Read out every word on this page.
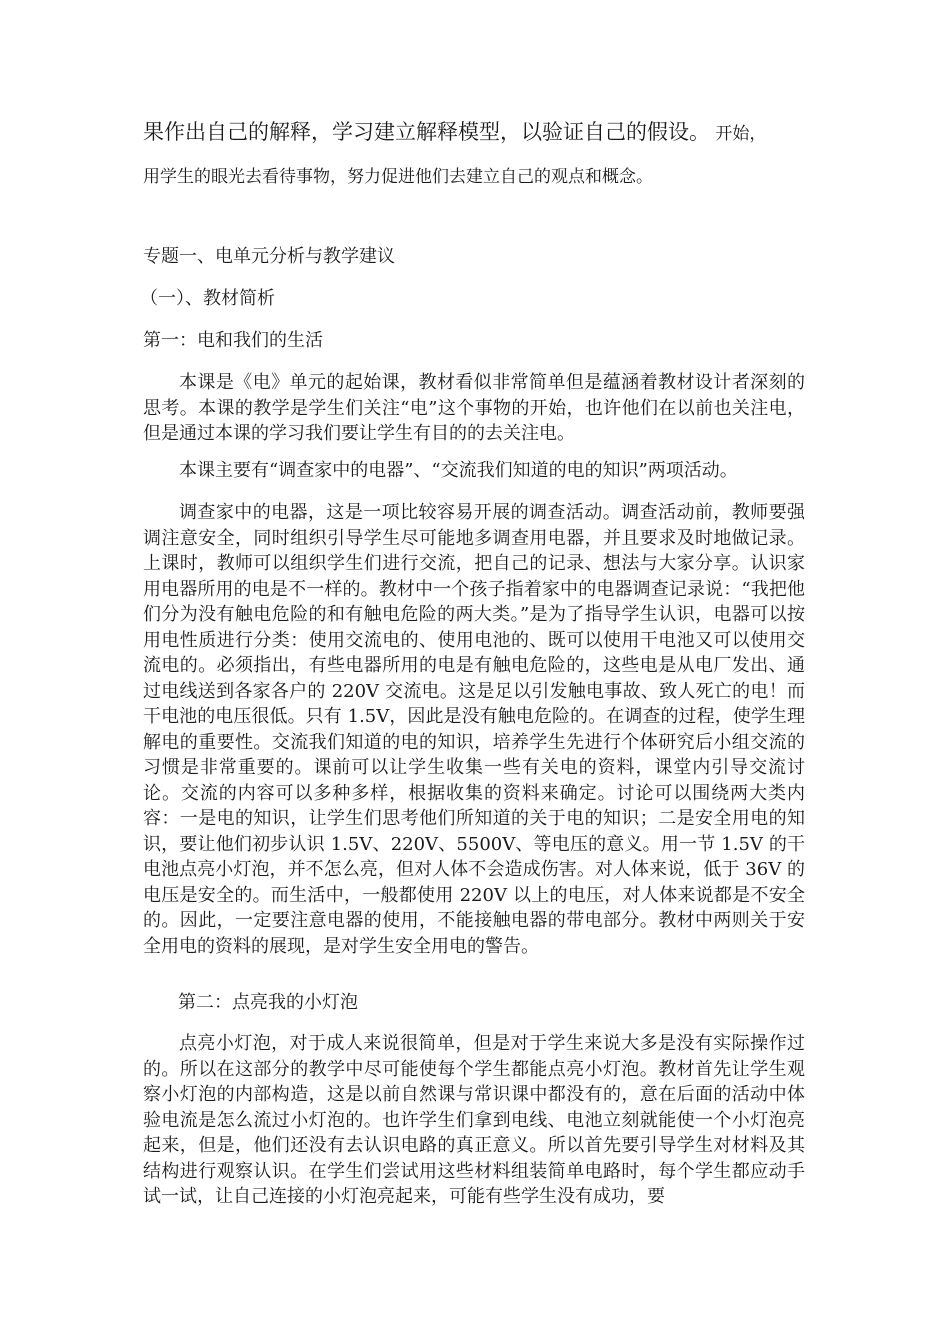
果作出自己的解释，学习建立解释模型，以验证自己的假设。 开始，
用学生的眼光去看待事物，努力促进他们去建立自己的观点和概念。
专题一、电单元分析与教学建议
（一）、教材简析
第一：电和我们的生活

本课是《电》单元的起始课，教材看似非常简单但是蕴涵着教材设计者深刻的思考。本课的教学是学生们关注“电”这个事物的开始，也许他们在以前也关注电，但是通过本课的学习我们要让学生有目的的去关注电。

本课主要有“调查家中的电器”、“交流我们知道的电的知识”两项活动。

调查家中的电器，这是一项比较容易开展的调查活动。调查活动前，教师要强调注意安全，同时组织引导学生尽可能地多调查用电器，并且要求及时地做记录。上课时，教师可以组织学生们进行交流，把自己的记录、想法与大家分享。认识家用电器所用的电是不一样的。教材中一个孩子指着家中的电器调查记录说：“我把他们分为没有触电危险的和有触电危险的两大类。”是为了指导学生认识，电器可以按用电性质进行分类：使用交流电的、使用电池的、既可以使用干电池又可以使用交流电的。必须指出，有些电器所用的电是有触电危险的，这些电是从电厂发出、通过电线送到各家各户的 220V 交流电。这是足以引发触电事故、致人死亡的电！而干电池的电压很低。只有 1.5V，因此是没有触电危险的。在调查的过程，使学生理解电的重要性。交流我们知道的电的知识，培养学生先进行个体研究后小组交流的习惯是非常重要的。课前可以让学生收集一些有关电的资料，课堂内引导交流讨论。交流的内容可以多种多样，根据收集的资料来确定。讨论可以围绕两大类内容：一是电的知识，让学生们思考他们所知道的关于电的知识；二是安全用电的知识，要让他们初步认识 1.5V、220V、5500V、等电压的意义。用一节 1.5V 的干电池点亮小灯泡，并不怎么亮，但对人体不会造成伤害。对人体来说，低于 36V 的电压是安全的。而生活中，一般都使用 220V 以上的电压，对人体来说都是不安全的。因此，一定要注意电器的使用，不能接触电器的带电部分。教材中两则关于安全用电的资料的展现，是对学生安全用电的警告。

第二：点亮我的小灯泡

点亮小灯泡，对于成人来说很简单，但是对于学生来说大多是没有实际操作过的。所以在这部分的教学中尽可能使每个学生都能点亮小灯泡。教材首先让学生观察小灯泡的内部构造，这是以前自然课与常识课中都没有的，意在后面的活动中体验电流是怎么流过小灯泡的。也许学生们拿到电线、电池立刻就能使一个小灯泡亮起来，但是，他们还没有去认识电路的真正意义。所以首先要引导学生对材料及其结构进行观察认识。在学生们尝试用这些材料组装简单电路时，每个学生都应动手试一试，让自己连接的小灯泡亮起来，可能有些学生没有成功，要
